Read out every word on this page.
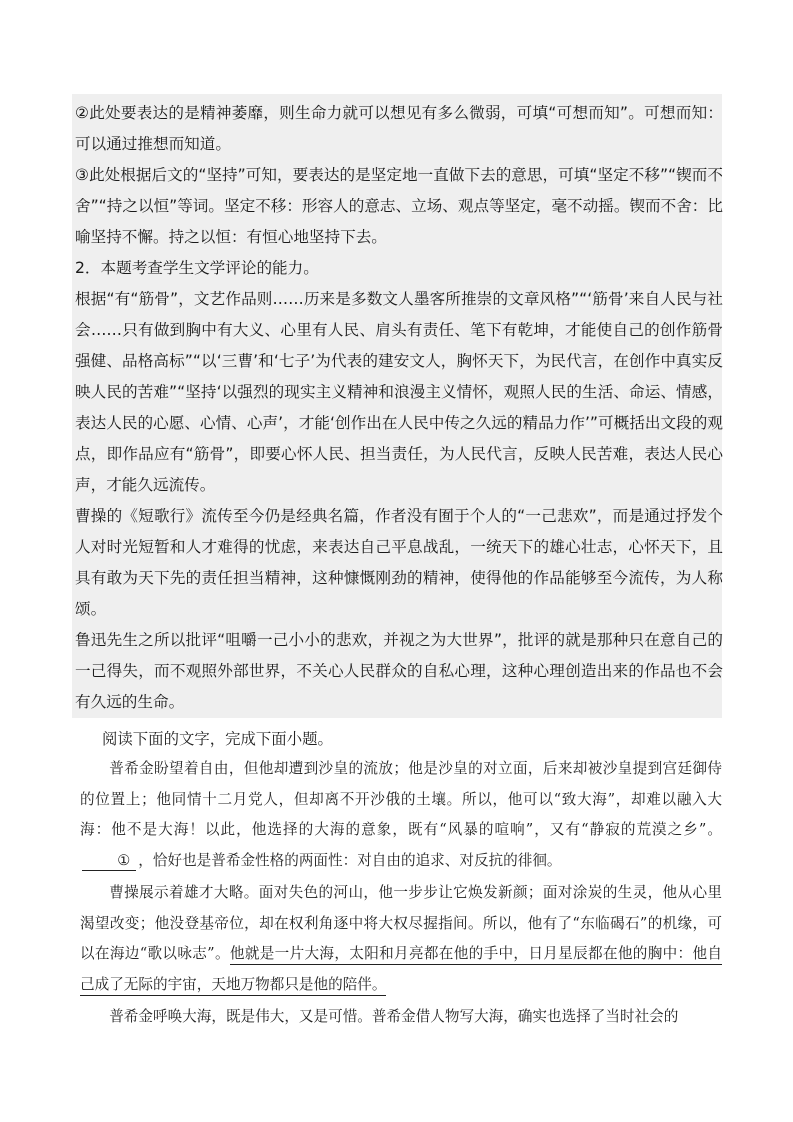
②此处要表达的是精神萎靡，则生命力就可以想见有多么微弱，可填“可想而知”。可想而知：可以通过推想而知道。

③此处根据后文的“坚持”可知，要表达的是坚定地一直做下去的意思，可填“坚定不移”“锲而不舍”“持之以恒”等词。坚定不移：形容人的意志、立场、观点等坚定，毫不动摇。锲而不舍：比喻坚持不懈。持之以恒：有恒心地坚持下去。

2．本题考查学生文学评论的能力。

根据“有“筋骨”，文艺作品则……历来是多数文人墨客所推崇的文章风格”“‘筋骨’来自人民与社会……只有做到胸中有大义、心里有人民、肩头有责任、笔下有乾坤，才能使自己的创作筋骨强健、品格高标”“以‘三曹’和‘七子’为代表的建安文人，胸怀天下，为民代言，在创作中真实反映人民的苦难”“坚持‘以强烈的现实主义精神和浪漫主义情怀，观照人民的生活、命运、情感，表达人民的心愿、心情、心声’，才能‘创作出在人民中传之久远的精品力作’”可概括出文段的观点，即作品应有“筋骨”，即要心怀人民、担当责任，为人民代言，反映人民苦难，表达人民心声，才能久远流传。

曹操的《短歌行》流传至今仍是经典名篇，作者没有囿于个人的“一己悲欢”，而是通过抒发个人对时光短暂和人才难得的忧虑，来表达自己平息战乱，一统天下的雄心壮志，心怀天下，且具有敢为天下先的责任担当精神，这种慷慨刚劲的精神，使得他的作品能够至今流传，为人称颂。

鲁迅先生之所以批评“咀嚼一己小小的悲欢，并视之为大世界”，批评的就是那种只在意自己的一己得失，而不观照外部世界，不关心人民群众的自私心理，这种心理创造出来的作品也不会有久远的生命。

阅读下面的文字，完成下面小题。

普希金盼望着自由，但他却遭到沙皇的流放；他是沙皇的对立面，后来却被沙皇提到宫廷御侍的位置上；他同情十二月党人，但却离不开沙俄的土壤。所以，他可以“致大海”，却难以融入大海：他不是大海！以此，他选择的大海的意象，既有“风暴的喧响”，又有“静寂的荒漠之乡”。① ，恰好也是普希金性格的两面性：对自由的追求、对反抗的徘徊。

曹操展示着雄才大略。面对失色的河山，他一步步让它焕发新颜；面对涂炭的生灵，他从心里渴望改变；他没登基帝位，却在权利角逐中将大权尽握指间。所以，他有了“东临碣石”的机缘，可以在海边“歌以咏志”。他就是一片大海，太阳和月亮都在他的手中，日月星辰都在他的胸中：他自己成了无际的宇宙，天地万物都只是他的陪伴。

普希金呼唤大海，既是伟大，又是可惜。普希金借人物写大海，确实也选择了当时社会的
